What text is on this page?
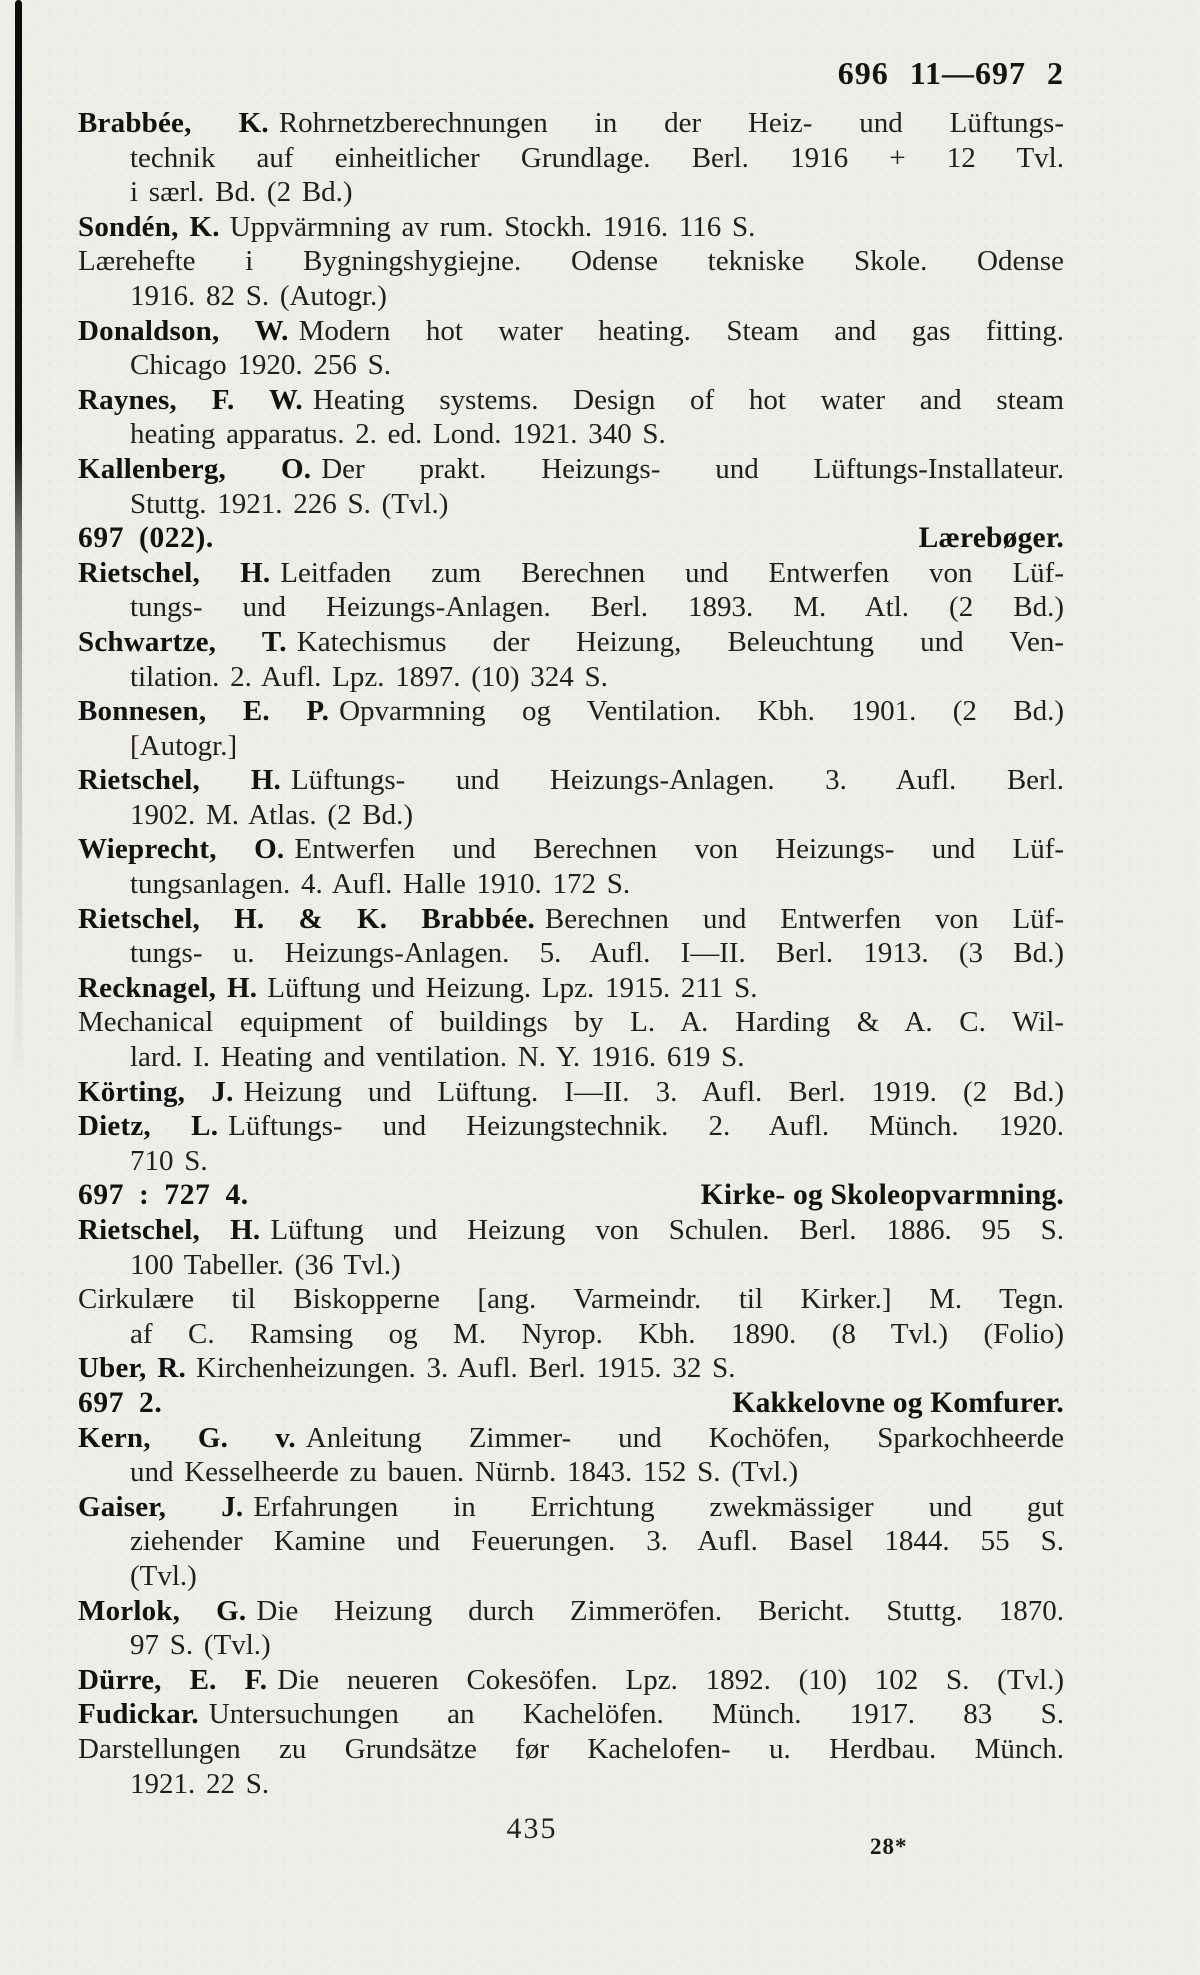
696 11—697 2
Brabbée, K. Rohrnetzberechnungen in der Heiz- und Lüftungs-
technik auf einheitlicher Grundlage. Berl. 1916 + 12 Tvl.
i særl. Bd. (2 Bd.)
Sondén, K. Uppvärmning av rum. Stockh. 1916. 116 S.
Lærehefte i Bygningshygiejne. Odense tekniske Skole. Odense
1916. 82 S. (Autogr.)
Donaldson, W. Modern hot water heating. Steam and gas fitting.
Chicago 1920. 256 S.
Raynes, F. W. Heating systems. Design of hot water and steam
heating apparatus. 2. ed. Lond. 1921. 340 S.
Kallenberg, O. Der prakt. Heizungs- und Lüftungs-Installateur.
Stuttg. 1921. 226 S. (Tvl.)
697 (022).	Lærebøger.
Rietschel, H. Leitfaden zum Berechnen und Entwerfen von Lüf-
tungs- und Heizungs-Anlagen. Berl. 1893. M. Atl. (2 Bd.)
Schwartze, T. Katechismus der Heizung, Beleuchtung und Ven-
tilation. 2. Aufl. Lpz. 1897. (10) 324 S.
Bonnesen, E. P. Opvarmning og Ventilation. Kbh. 1901. (2 Bd.)
[Autogr.]
Rietschel, H. Lüftungs- und Heizungs-Anlagen. 3. Aufl. Berl.
1902. M. Atlas. (2 Bd.)
Wieprecht, O. Entwerfen und Berechnen von Heizungs- und Lüf-
tungsanlagen. 4. Aufl. Halle 1910. 172 S.
Rietschel, H. & K. Brabbée. Berechnen und Entwerfen von Lüf-
tungs- u. Heizungs-Anlagen. 5. Aufl. I—II. Berl. 1913. (3 Bd.)
Recknagel, H. Lüftung und Heizung. Lpz. 1915. 211 S.
Mechanical equipment of buildings by L. A. Harding & A. C. Wil-
lard. I. Heating and ventilation. N. Y. 1916. 619 S.
Körting, J. Heizung und Lüftung. I—II. 3. Aufl. Berl. 1919. (2 Bd.)
Dietz, L. Lüftungs- und Heizungstechnik. 2. Aufl. Münch. 1920.
710 S.
697 : 727 4.	Kirke- og Skoleopvarmning.
Rietschel, H. Lüftung und Heizung von Schulen. Berl. 1886. 95 S.
100 Tabeller. (36 Tvl.)
Cirkulære til Biskopperne [ang. Varmeindr. til Kirker.] M. Tegn.
af C. Ramsing og M. Nyrop. Kbh. 1890. (8 Tvl.) (Folio)
Uber, R. Kirchenheizungen. 3. Aufl. Berl. 1915. 32 S.
697 2.	Kakkelovne og Komfurer.
Kern, G. v. Anleitung Zimmer- und Kochöfen, Sparkochheerde
und Kesselheerde zu bauen. Nürnb. 1843. 152 S. (Tvl.)
Gaiser, J. Erfahrungen in Errichtung zwekmässiger und gut
ziehender Kamine und Feuerungen. 3. Aufl. Basel 1844. 55 S.
(Tvl.)
Morlok, G. Die Heizung durch Zimmeröfen. Bericht. Stuttg. 1870.
97 S. (Tvl.)
Dürre, E. F. Die neueren Cokesöfen. Lpz. 1892. (10) 102 S. (Tvl.)
Fudickar. Untersuchungen an Kachelöfen. Münch. 1917. 83 S.
Darstellungen zu Grundsätze før Kachelofen- u. Herdbau. Münch.
1921. 22 S.
435
28*
